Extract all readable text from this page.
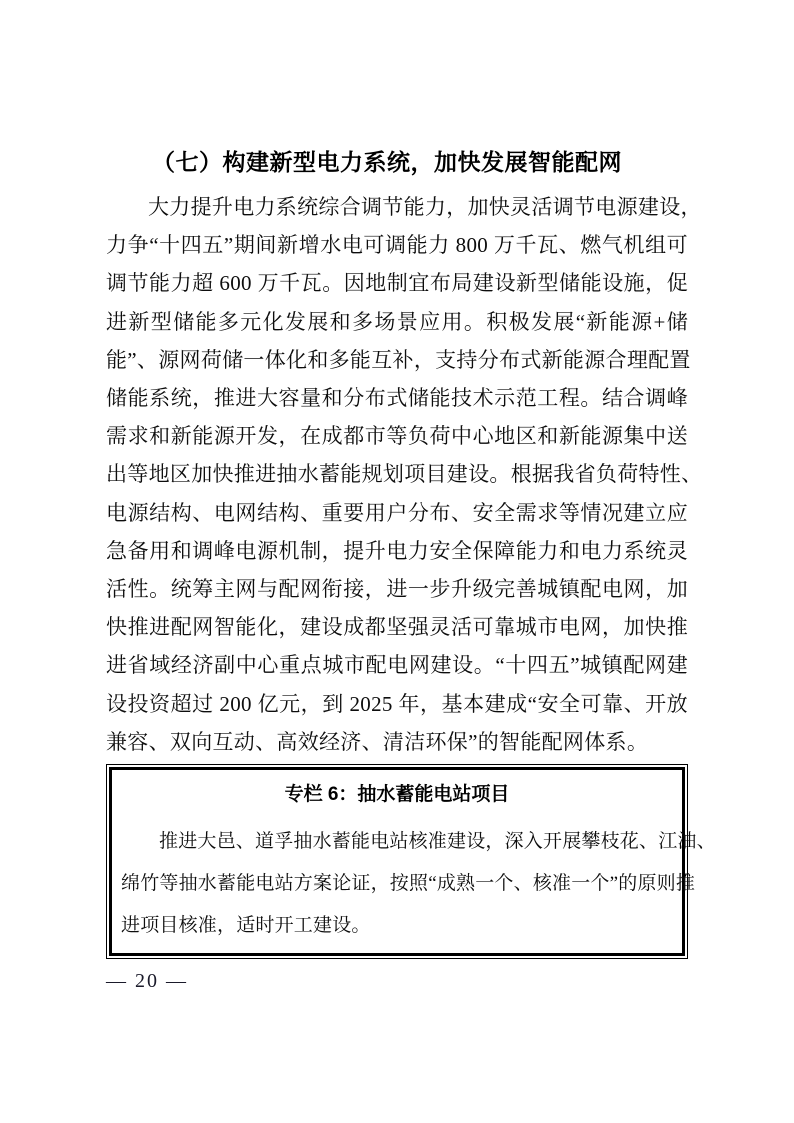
（七）构建新型电力系统，加快发展智能配网
大力提升电力系统综合调节能力，加快灵活调节电源建设，
力争“十四五”期间新增水电可调能力 800 万千瓦、燃气机组可
调节能力超 600 万千瓦。因地制宜布局建设新型储能设施，促
进新型储能多元化发展和多场景应用。积极发展“新能源+储
能”、源网荷储一体化和多能互补，支持分布式新能源合理配置
储能系统，推进大容量和分布式储能技术示范工程。结合调峰
需求和新能源开发，在成都市等负荷中心地区和新能源集中送
出等地区加快推进抽水蓄能规划项目建设。根据我省负荷特性、
电源结构、电网结构、重要用户分布、安全需求等情况建立应
急备用和调峰电源机制，提升电力安全保障能力和电力系统灵
活性。统筹主网与配网衔接，进一步升级完善城镇配电网，加
快推进配网智能化，建设成都坚强灵活可靠城市电网，加快推
进省域经济副中心重点城市配电网建设。“十四五”城镇配网建
设投资超过 200 亿元，到 2025 年，基本建成“安全可靠、开放
兼容、双向互动、高效经济、清洁环保”的智能配网体系。
专栏 6：抽水蓄能电站项目
推进大邑、道孚抽水蓄能电站核准建设，深入开展攀枝花、江油、
绵竹等抽水蓄能电站方案论证，按照“成熟一个、核准一个”的原则推
进项目核准，适时开工建设。
— 20 —
